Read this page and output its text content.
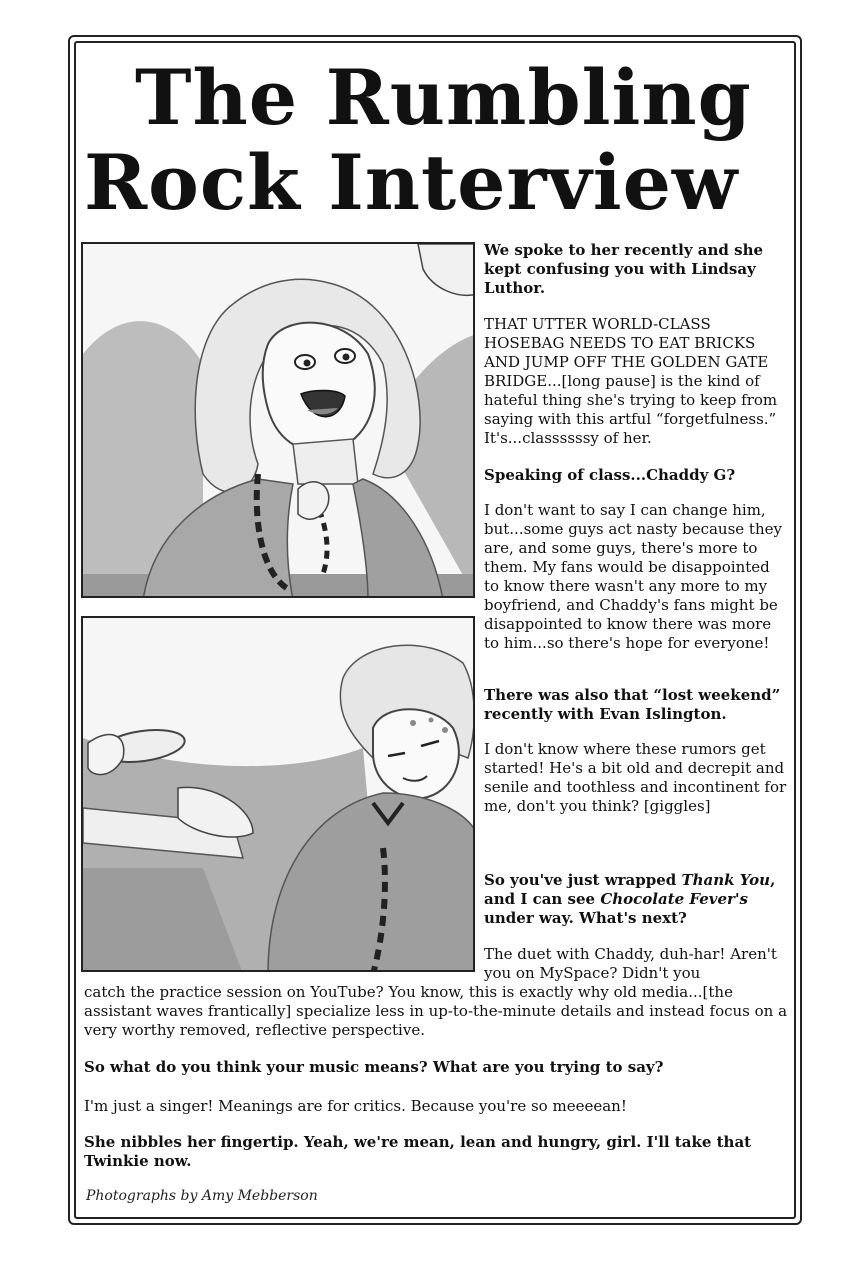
The Rumbling
Rock Interview

We spoke to her recently and she kept confusing you with Lindsay Luthor.

THAT UTTER WORLD-CLASS HOSEBAG NEEDS TO EAT BRICKS AND JUMP OFF THE GOLDEN GATE BRIDGE...[long pause] is the kind of hateful thing she's trying to keep from saying with this artful “forgetfulness.” It's...classssssy of her.

Speaking of class...Chaddy G?

I don't want to say I can change him, but...some guys act nasty because they are, and some guys, there's more to them. My fans would be disappointed to know there wasn't any more to my boyfriend, and Chaddy's fans might be disappointed to know there was more to him...so there's hope for everyone!

There was also that “lost weekend” recently with Evan Islington.

I don't know where these rumors get started! He's a bit old and decrepit and senile and toothless and incontinent for me, don't you think? [giggles]

So you've just wrapped Thank You, and I can see Chocolate Fever's under way. What's next?

The duet with Chaddy, duh-har! Aren't you on MySpace? Didn't you

catch the practice session on YouTube? You know, this is exactly why old media...[the assistant waves frantically] specialize less in up-to-the-minute details and instead focus on a very worthy removed, reflective perspective.

So what do you think your music means? What are you trying to say?

I'm just a singer! Meanings are for critics. Because you're so meeeean!

She nibbles her fingertip. Yeah, we're mean, lean and hungry, girl. I'll take that Twinkie now.

Photographs by Amy Mebberson
